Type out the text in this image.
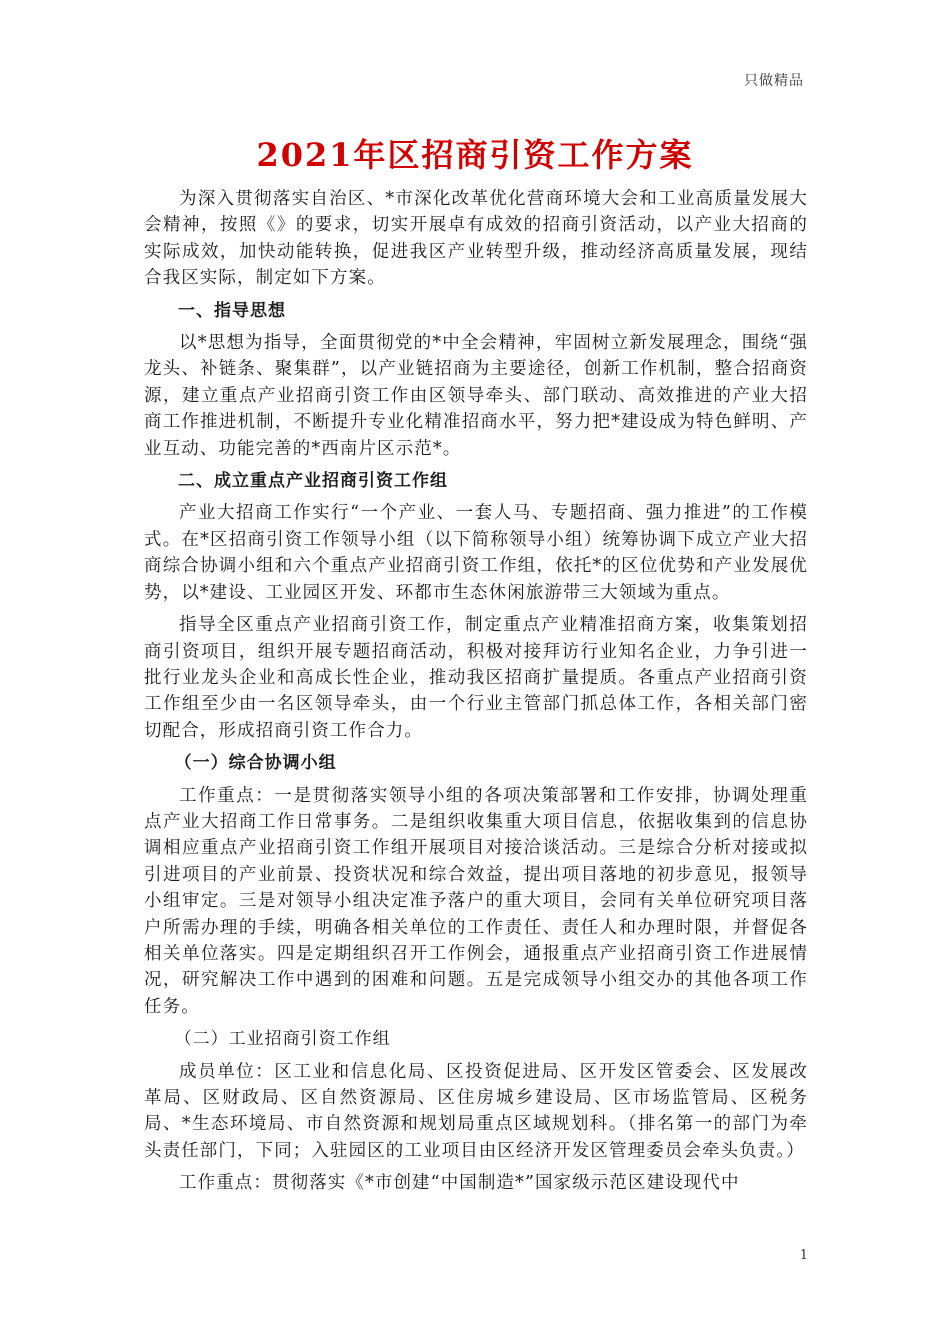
只做精品
2021年区招商引资工作方案

为深入贯彻落实自治区、*市深化改革优化营商环境大会和工业高质量发展大会精神，按照《》的要求，切实开展卓有成效的招商引资活动，以产业大招商的实际成效，加快动能转换，促进我区产业转型升级，推动经济高质量发展，现结合我区实际，制定如下方案。

一、指导思想

以*思想为指导，全面贯彻党的*中全会精神，牢固树立新发展理念，围绕“强龙头、补链条、聚集群”，以产业链招商为主要途径，创新工作机制，整合招商资源，建立重点产业招商引资工作由区领导牵头、部门联动、高效推进的产业大招商工作推进机制，不断提升专业化精准招商水平，努力把*建设成为特色鲜明、产业互动、功能完善的*西南片区示范*。

二、成立重点产业招商引资工作组

产业大招商工作实行“一个产业、一套人马、专题招商、强力推进”的工作模式。在*区招商引资工作领导小组（以下简称领导小组）统筹协调下成立产业大招商综合协调小组和六个重点产业招商引资工作组，依托*的区位优势和产业发展优势，以*建设、工业园区开发、环都市生态休闲旅游带三大领域为重点。

指导全区重点产业招商引资工作，制定重点产业精准招商方案，收集策划招商引资项目，组织开展专题招商活动，积极对接拜访行业知名企业，力争引进一批行业龙头企业和高成长性企业，推动我区招商扩量提质。各重点产业招商引资工作组至少由一名区领导牵头，由一个行业主管部门抓总体工作，各相关部门密切配合，形成招商引资工作合力。

（一）综合协调小组

工作重点：一是贯彻落实领导小组的各项决策部署和工作安排，协调处理重点产业大招商工作日常事务。二是组织收集重大项目信息，依据收集到的信息协调相应重点产业招商引资工作组开展项目对接洽谈活动。三是综合分析对接或拟引进项目的产业前景、投资状况和综合效益，提出项目落地的初步意见，报领导小组审定。三是对领导小组决定准予落户的重大项目，会同有关单位研究项目落户所需办理的手续，明确各相关单位的工作责任、责任人和办理时限，并督促各相关单位落实。四是定期组织召开工作例会，通报重点产业招商引资工作进展情况，研究解决工作中遇到的困难和问题。五是完成领导小组交办的其他各项工作任务。

（二）工业招商引资工作组

成员单位：区工业和信息化局、区投资促进局、区开发区管委会、区发展改革局、区财政局、区自然资源局、区住房城乡建设局、区市场监管局、区税务局、*生态环境局、市自然资源和规划局重点区域规划科。（排名第一的部门为牵头责任部门，下同；入驻园区的工业项目由区经济开发区管理委员会牵头负责。）

工作重点：贯彻落实《*市创建“中国制造*”国家级示范区建设现代中

1
